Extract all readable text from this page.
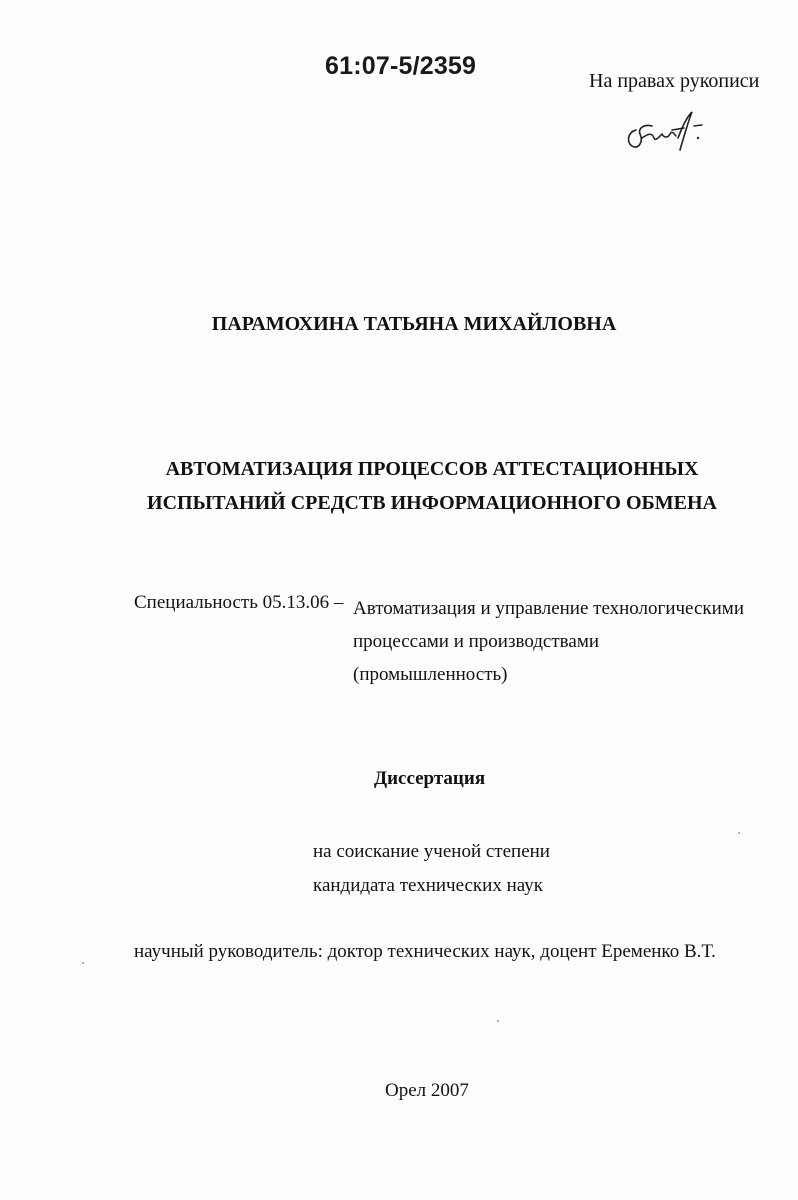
61:07-5/2359
На правах рукописи
ПАРАМОХИНА ТАТЬЯНА МИХАЙЛОВНА
АВТОМАТИЗАЦИЯ ПРОЦЕССОВ АТТЕСТАЦИОННЫХ
ИСПЫТАНИЙ СРЕДСТВ ИНФОРМАЦИОННОГО ОБМЕНА
Специальность 05.13.06 – Автоматизация и управление технологическими
процессами и производствами
(промышленность)
Диссертация
на соискание ученой степени
кандидата технических наук
научный руководитель: доктор технических наук, доцент Еременко В.Т.
Орел 2007
